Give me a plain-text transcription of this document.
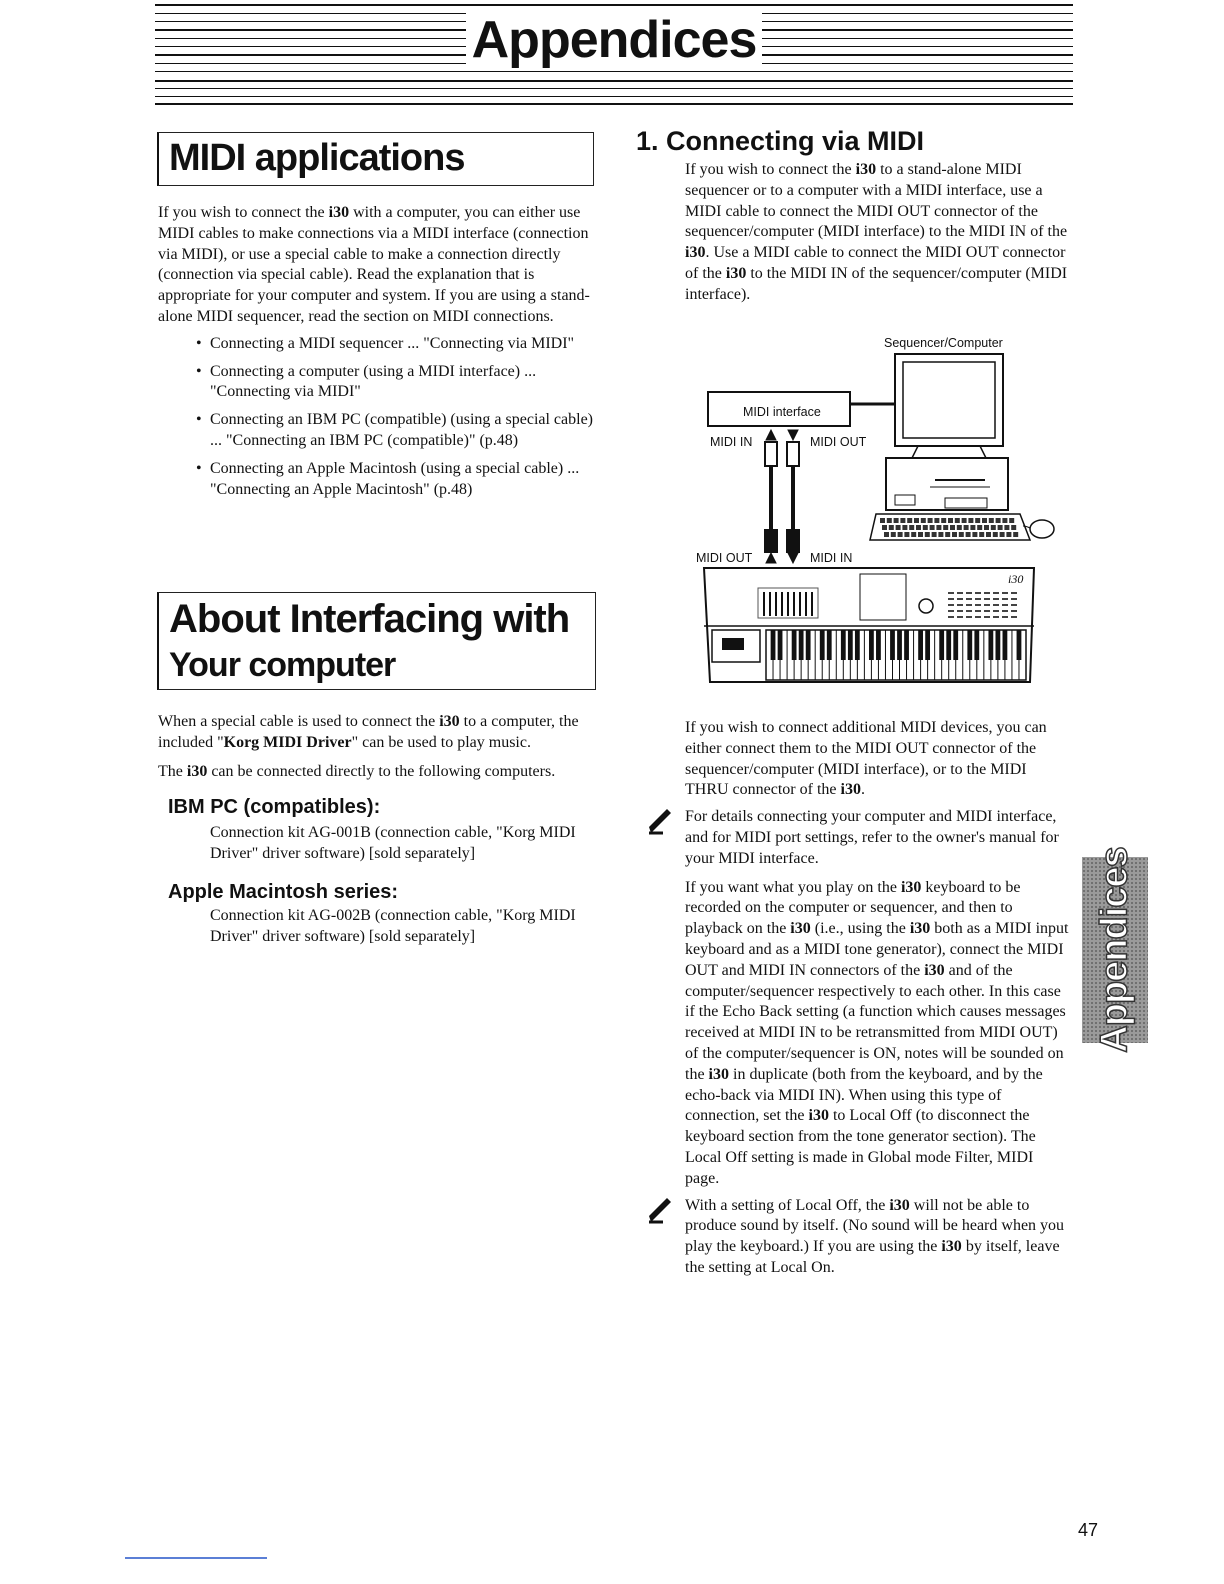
Appendices
MIDI applications

If you wish to connect the i30 with a computer, you can either use MIDI cables to make connections via a MIDI interface (connection via MIDI), or use a special cable to make a connection directly (connection via special cable). Read the explanation that is appropriate for your computer and system. If you are using a stand-alone MIDI sequencer, read the section on MIDI connections.

• Connecting a MIDI sequencer ... "Connecting via MIDI"
• Connecting a computer (using a MIDI interface) ... "Connecting via MIDI"
• Connecting an IBM PC (compatible) (using a special cable) ... "Connecting an IBM PC (compatible)" (p.48)
• Connecting an Apple Macintosh (using a special cable) ... "Connecting an Apple Macintosh" (p.48)
About Interfacing with
Your computer

When a special cable is used to connect the i30 to a computer, the included "Korg MIDI Driver" can be used to play music.

The i30 can be connected directly to the following computers.

IBM PC (compatibles):

Connection kit AG-001B (connection cable, "Korg MIDI Driver" driver software) [sold separately]

Apple Macintosh series:

Connection kit AG-002B (connection cable, "Korg MIDI Driver" driver software) [sold separately]

1. Connecting via MIDI

If you wish to connect the i30 to a stand-alone MIDI sequencer or to a computer with a MIDI interface, use a MIDI cable to connect the MIDI OUT connector of the sequencer/computer (MIDI interface) to the MIDI IN of the i30. Use a MIDI cable to connect the MIDI OUT connector of the i30 to the MIDI IN of the sequencer/computer (MIDI interface).

Sequencer/Computer
MIDI interface
MIDI IN	MIDI OUT
MIDI OUT	MIDI IN
i30

If you wish to connect additional MIDI devices, you can either connect them to the MIDI OUT connector of the sequencer/computer (MIDI interface), or to the MIDI THRU connector of the i30.

For details connecting your computer and MIDI interface, and for MIDI port settings, refer to the owner's manual for your MIDI interface.

If you want what you play on the i30 keyboard to be recorded on the computer or sequencer, and then to playback on the i30 (i.e., using the i30 both as a MIDI input keyboard and as a MIDI tone generator), connect the MIDI OUT and MIDI IN connectors of the i30 and of the computer/sequencer respectively to each other. In this case if the Echo Back setting (a function which causes messages received at MIDI IN to be retransmitted from MIDI OUT) of the computer/sequencer is ON, notes will be sounded on the i30 in duplicate (both from the keyboard, and by the echo-back via MIDI IN). When using this type of connection, set the i30 to Local Off (to disconnect the keyboard section from the tone generator section). The Local Off setting is made in Global mode Filter, MIDI page.

With a setting of Local Off, the i30 will not be able to produce sound by itself. (No sound will be heard when you play the keyboard.) If you are using the i30 by itself, leave the setting at Local On.

Appendices
47
